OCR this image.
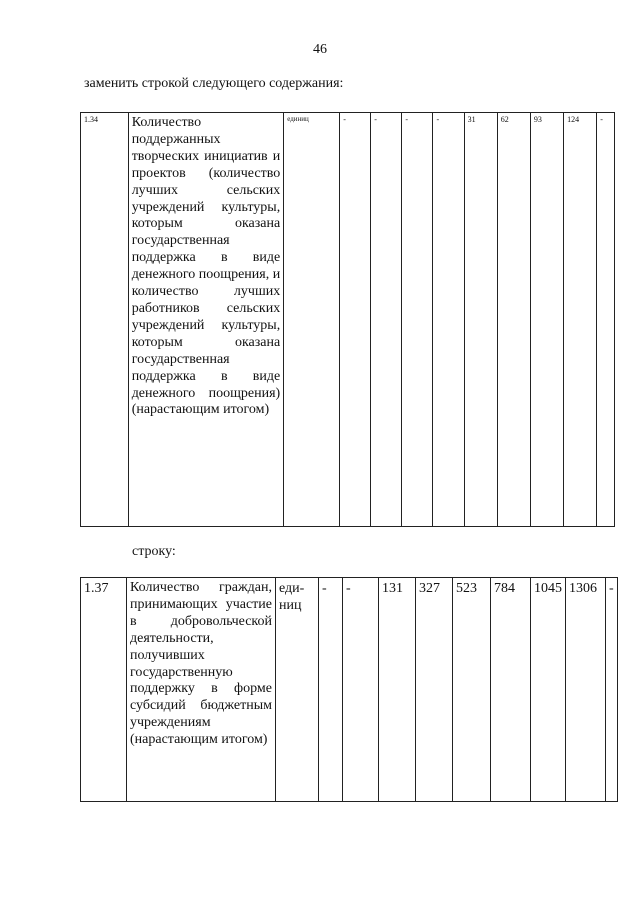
46
заменить строкой следующего содержания:
1.34	Количество поддержанных творческих инициатив и проектов (количество лучших сельских учреждений культуры, которым оказана государственная поддержка в виде денежного поощрения, и количество лучших работников сельских учреждений культуры, которым оказана государственная поддержка в виде денежного поощрения) (нарастающим итогом)	единиц	-	-	-	-	31	62	93	124	-
строку:
1.37	Количество граждан, принимающих участие в добровольческой деятельности, получивших государственную поддержку в форме субсидий бюджетным учреждениям (нарастающим итогом)	еди-
ниц	-	-	131	327	523	784	1045	1306	-
